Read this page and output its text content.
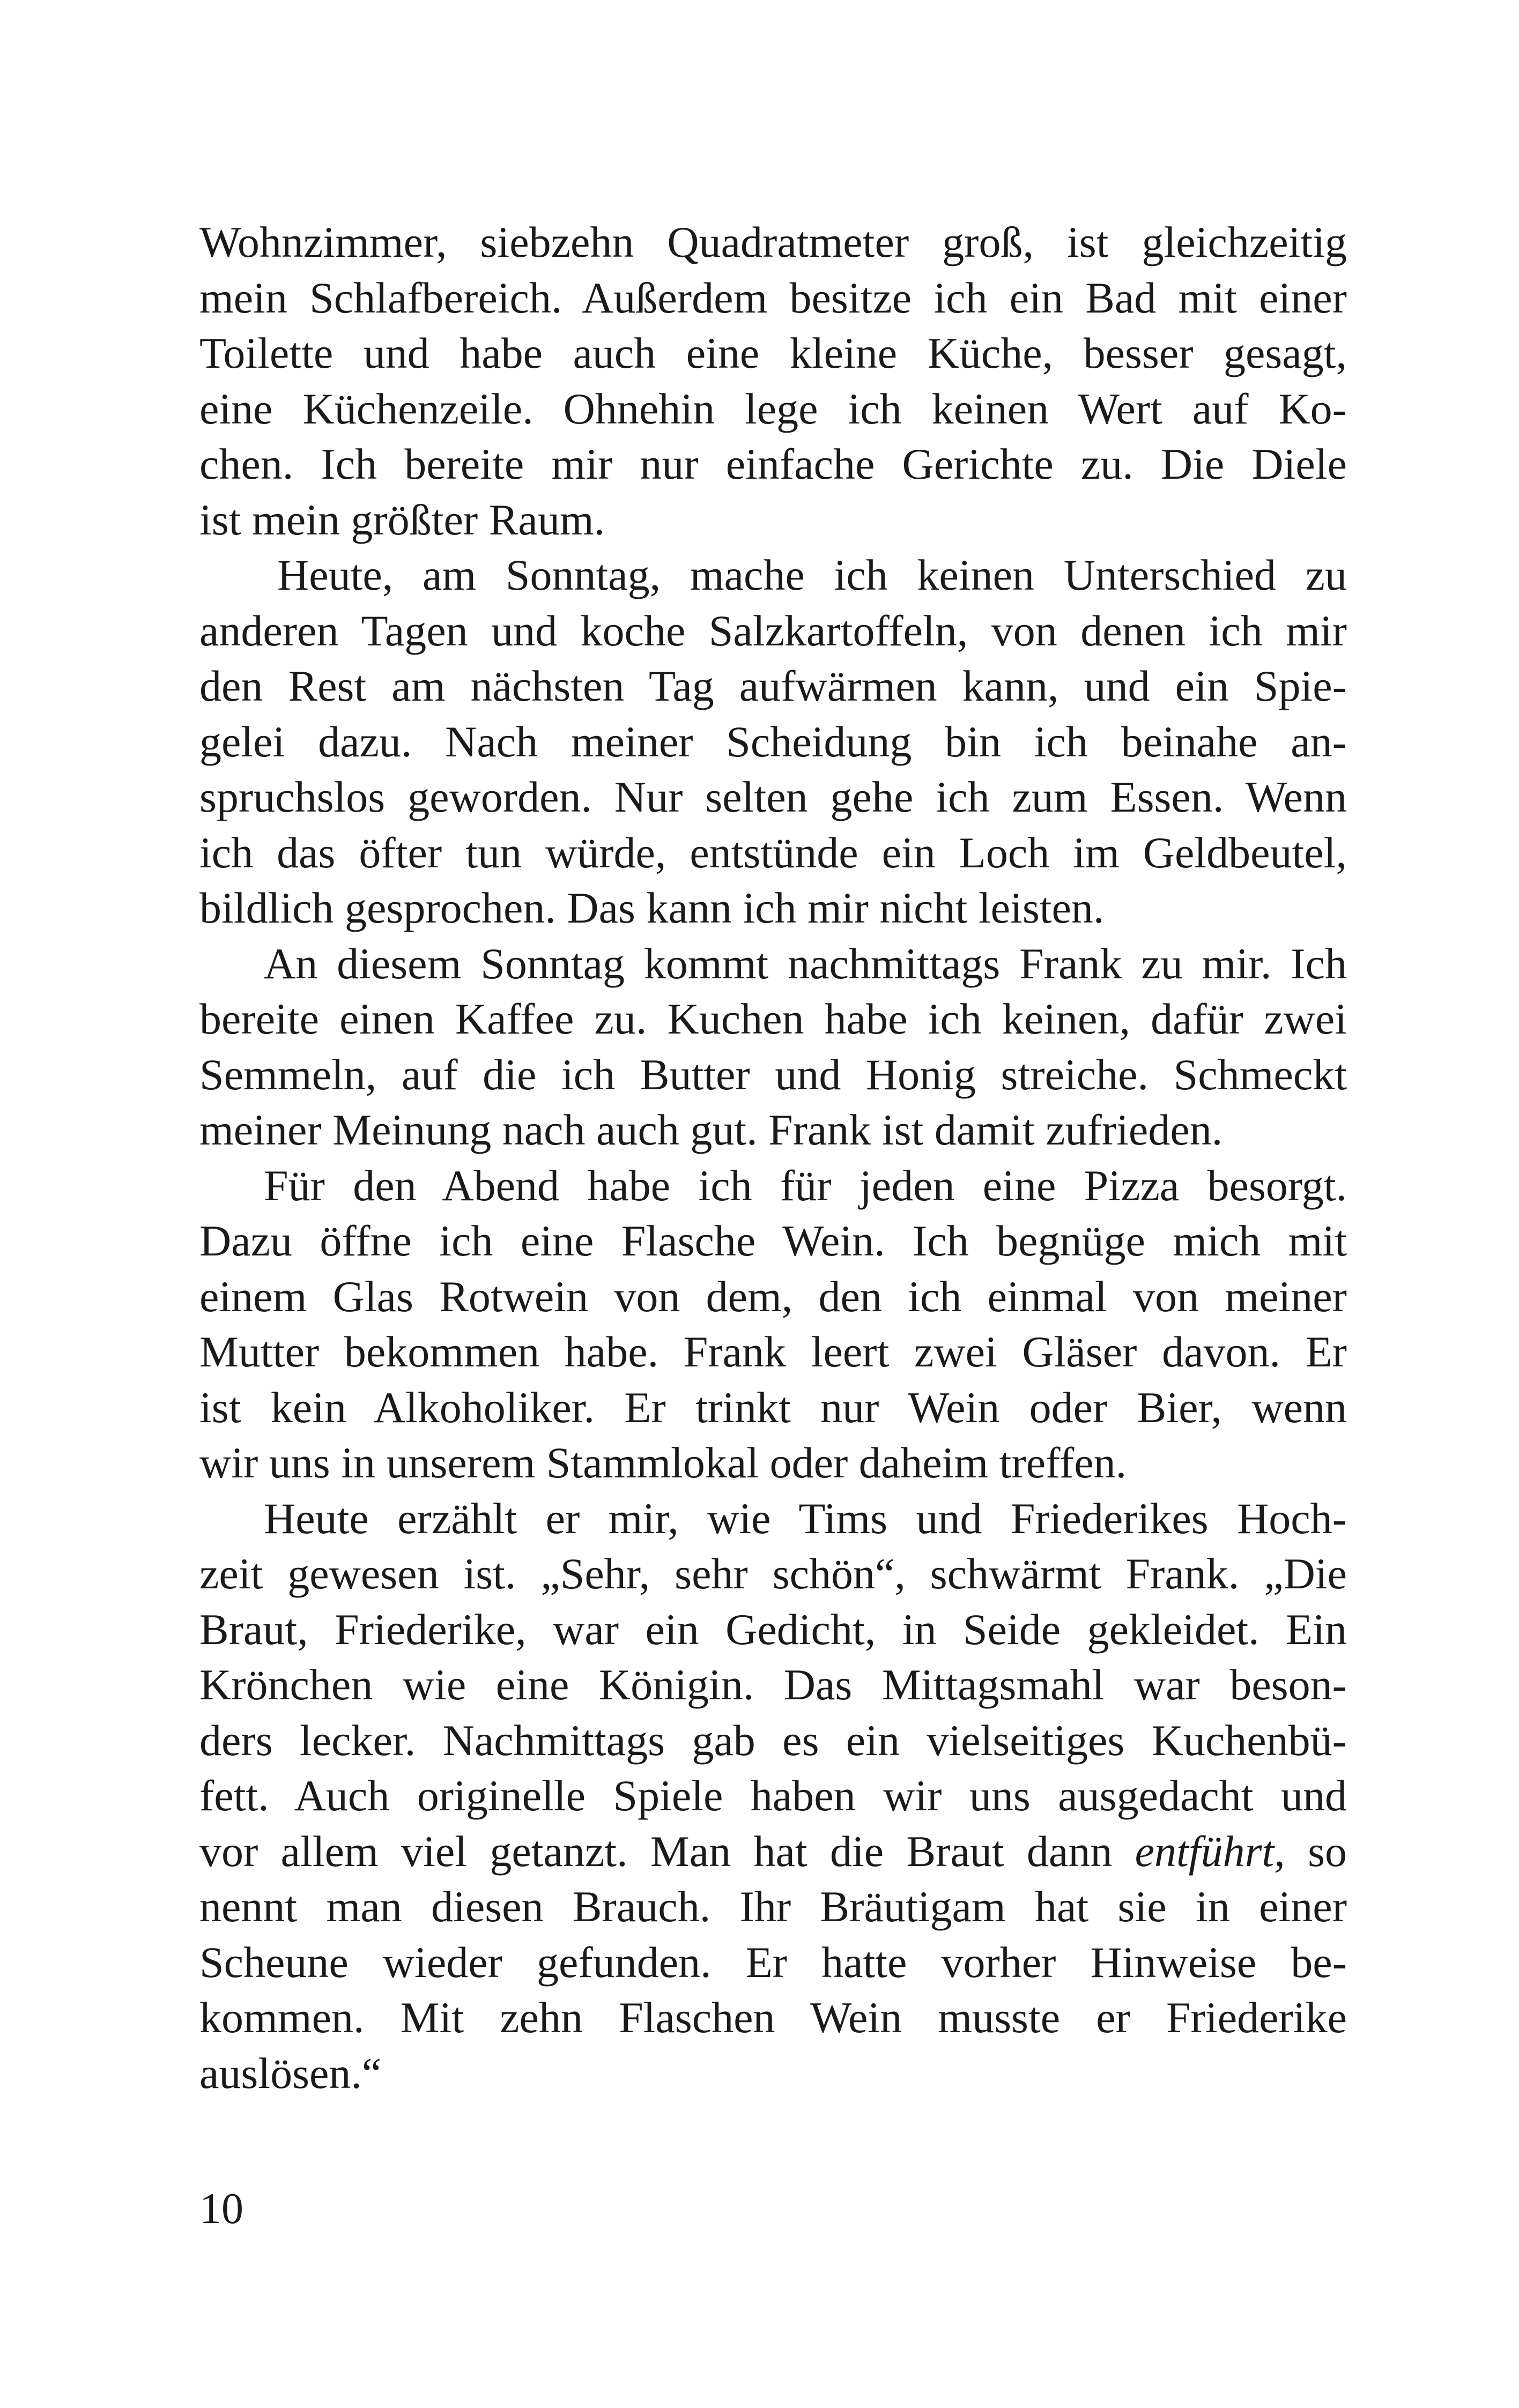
Wohnzimmer, siebzehn Quadratmeter groß, ist gleichzeitig
mein Schlafbereich. Außerdem besitze ich ein Bad mit einer
Toilette und habe auch eine kleine Küche, besser gesagt,
eine Küchenzeile. Ohnehin lege ich keinen Wert auf Ko-
chen. Ich bereite mir nur einfache Gerichte zu. Die Diele
ist mein größter Raum.
Heute, am Sonntag, mache ich keinen Unterschied zu
anderen Tagen und koche Salzkartoffeln, von denen ich mir
den Rest am nächsten Tag aufwärmen kann, und ein Spie-
gelei dazu. Nach meiner Scheidung bin ich beinahe an-
spruchslos geworden. Nur selten gehe ich zum Essen. Wenn
ich das öfter tun würde, entstünde ein Loch im Geldbeutel,
bildlich gesprochen. Das kann ich mir nicht leisten.
An diesem Sonntag kommt nachmittags Frank zu mir. Ich
bereite einen Kaffee zu. Kuchen habe ich keinen, dafür zwei
Semmeln, auf die ich Butter und Honig streiche. Schmeckt
meiner Meinung nach auch gut. Frank ist damit zufrieden.
Für den Abend habe ich für jeden eine Pizza besorgt.
Dazu öffne ich eine Flasche Wein. Ich begnüge mich mit
einem Glas Rotwein von dem, den ich einmal von meiner
Mutter bekommen habe. Frank leert zwei Gläser davon. Er
ist kein Alkoholiker. Er trinkt nur Wein oder Bier, wenn
wir uns in unserem Stammlokal oder daheim treffen.
Heute erzählt er mir, wie Tims und Friederikes Hoch-
zeit gewesen ist. „Sehr, sehr schön“, schwärmt Frank. „Die
Braut, Friederike, war ein Gedicht, in Seide gekleidet. Ein
Krönchen wie eine Königin. Das Mittagsmahl war beson-
ders lecker. Nachmittags gab es ein vielseitiges Kuchenbü-
fett. Auch originelle Spiele haben wir uns ausgedacht und
vor allem viel getanzt. Man hat die Braut dann entführt, so
nennt man diesen Brauch. Ihr Bräutigam hat sie in einer
Scheune wieder gefunden. Er hatte vorher Hinweise be-
kommen. Mit zehn Flaschen Wein musste er Friederike
auslösen.“
10
